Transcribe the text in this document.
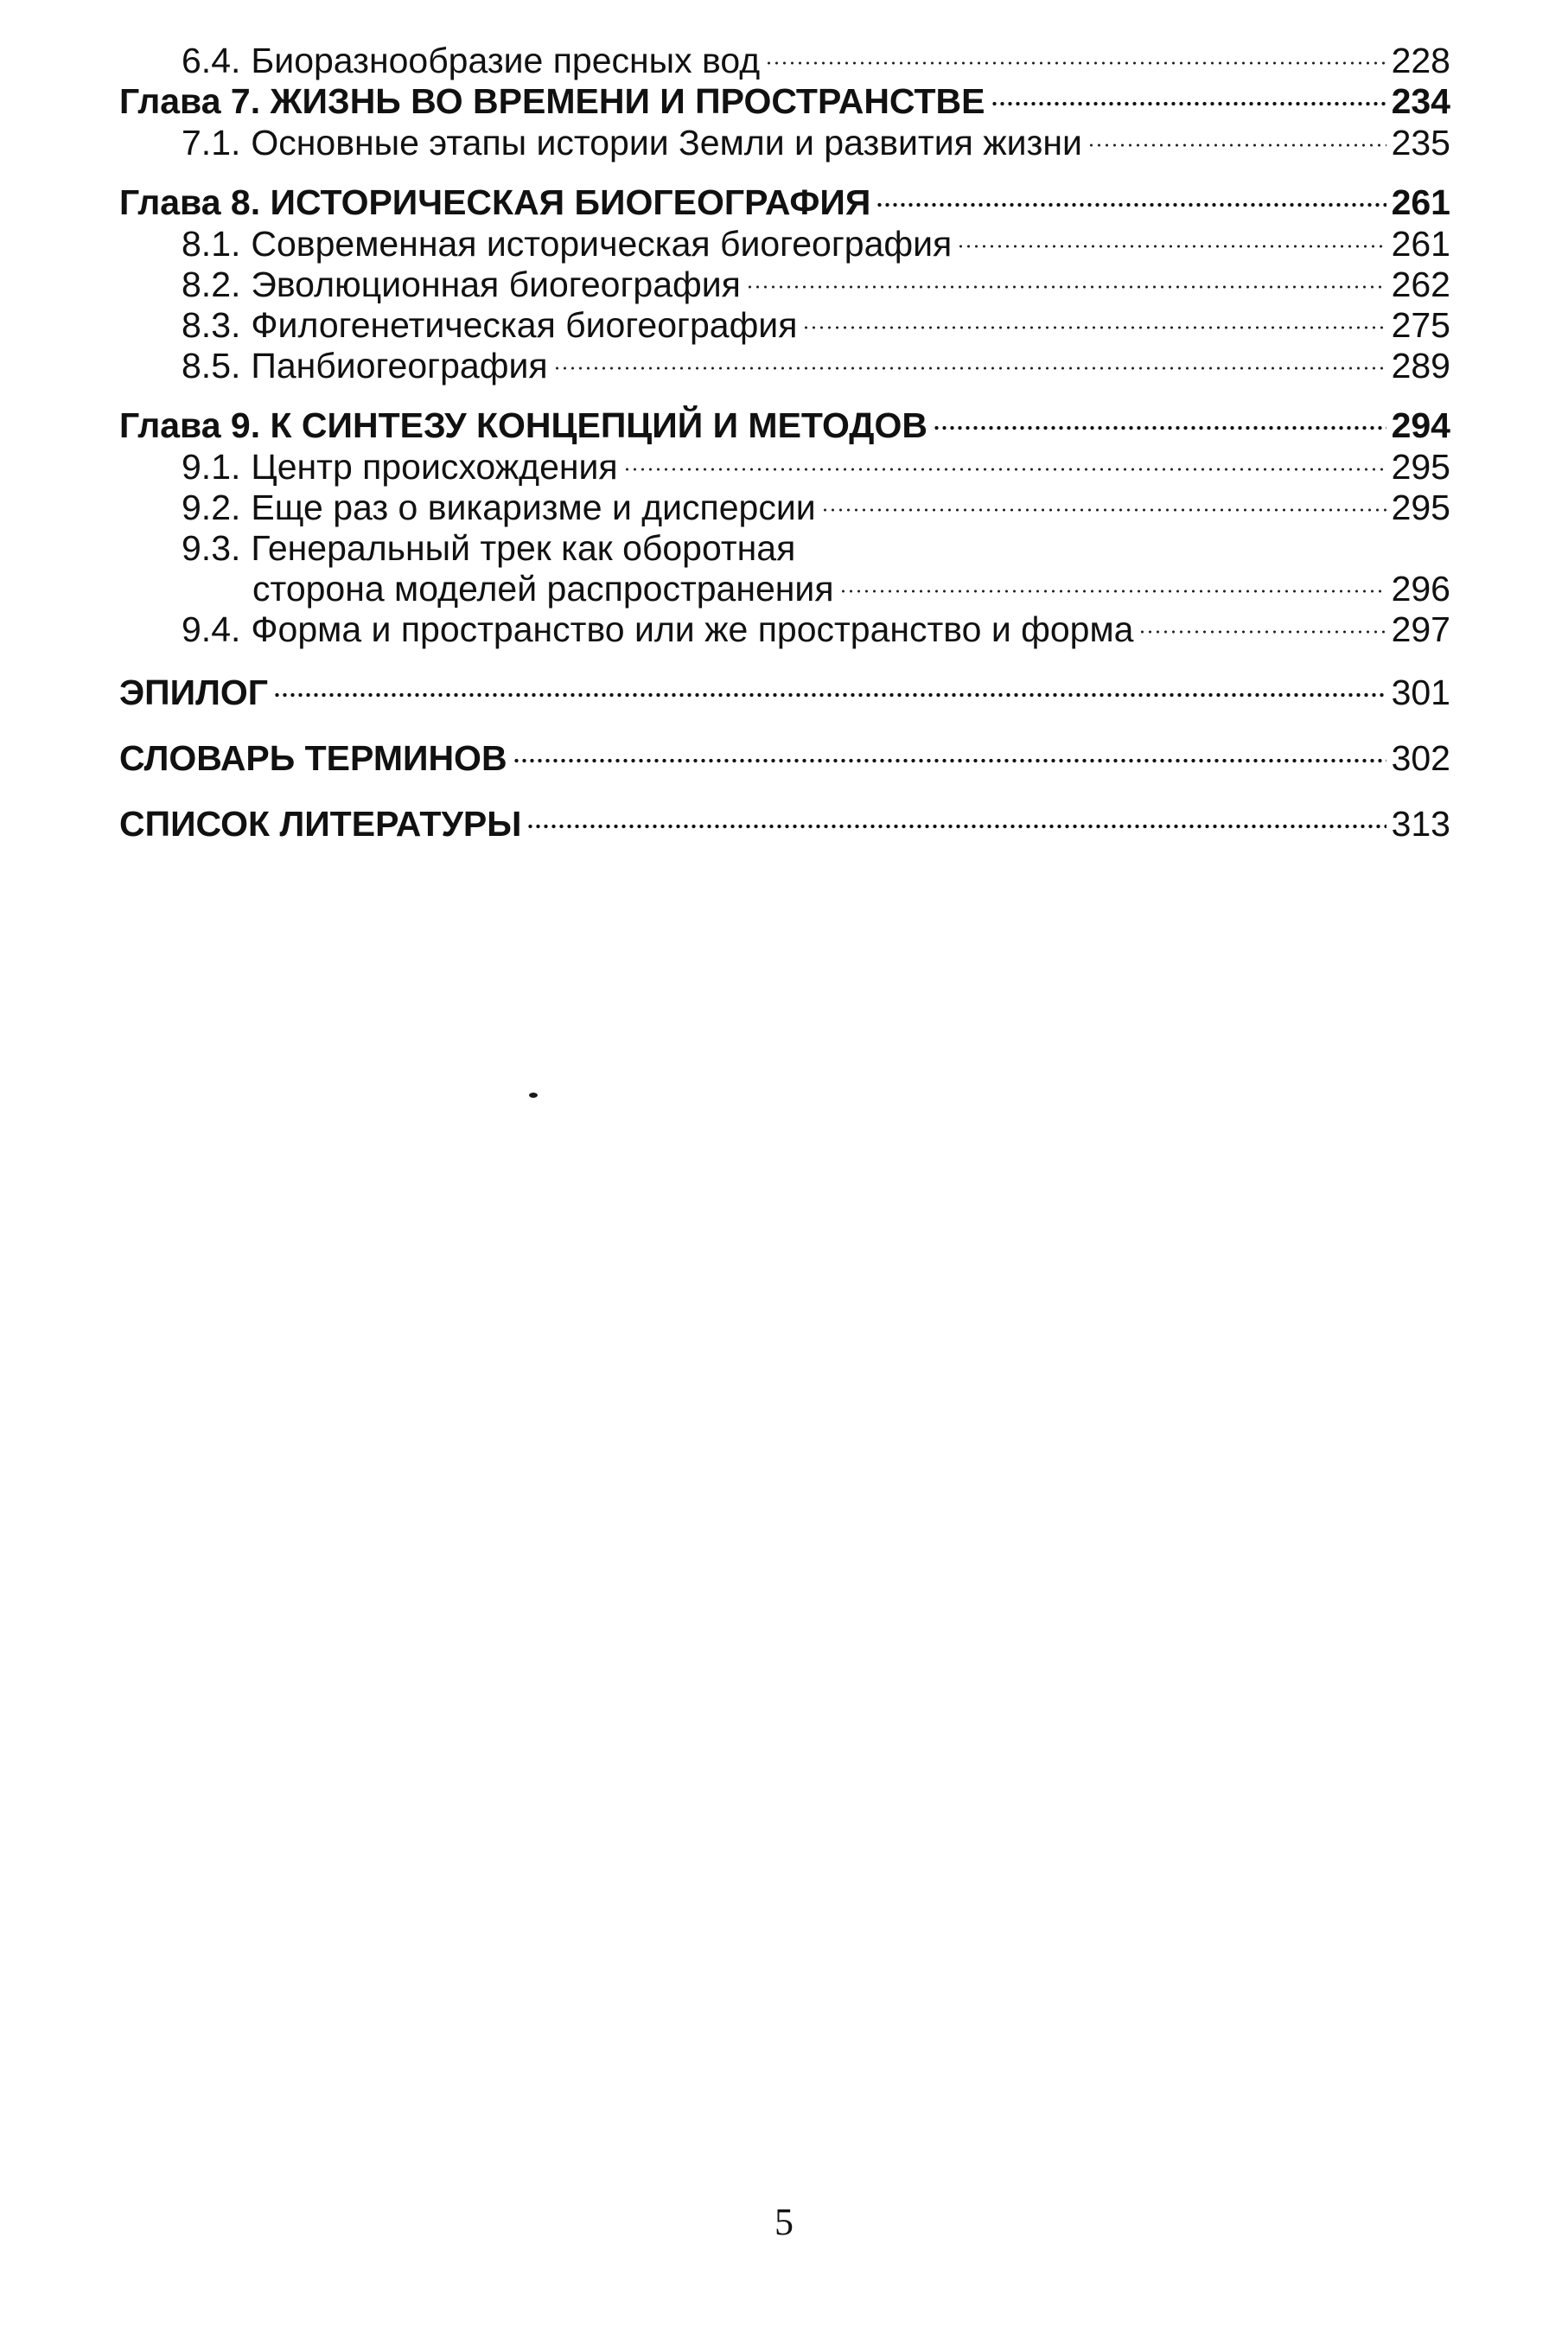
6.4. Биоразнообразие пресных вод	228
Глава 7. ЖИЗНЬ ВО ВРЕМЕНИ И ПРОСТРАНСТВЕ	234
7.1. Основные этапы истории Земли и развития жизни	235
Глава 8. ИСТОРИЧЕСКАЯ БИОГЕОГРАФИЯ	261
8.1. Современная историческая биогеография	261
8.2. Эволюционная биогеография	262
8.3. Филогенетическая биогеография	275
8.5. Панбиогеография	289
Глава 9. К СИНТЕЗУ КОНЦЕПЦИЙ И МЕТОДОВ	294
9.1. Центр происхождения	295
9.2. Еще раз о викаризме и дисперсии	295
9.3. Генеральный трек как оборотная
сторона моделей распространения	296
9.4. Форма и пространство или же пространство и форма	297
ЭПИЛОГ	301
СЛОВАРЬ ТЕРМИНОВ	302
СПИСОК ЛИТЕРАТУРЫ	313
5
